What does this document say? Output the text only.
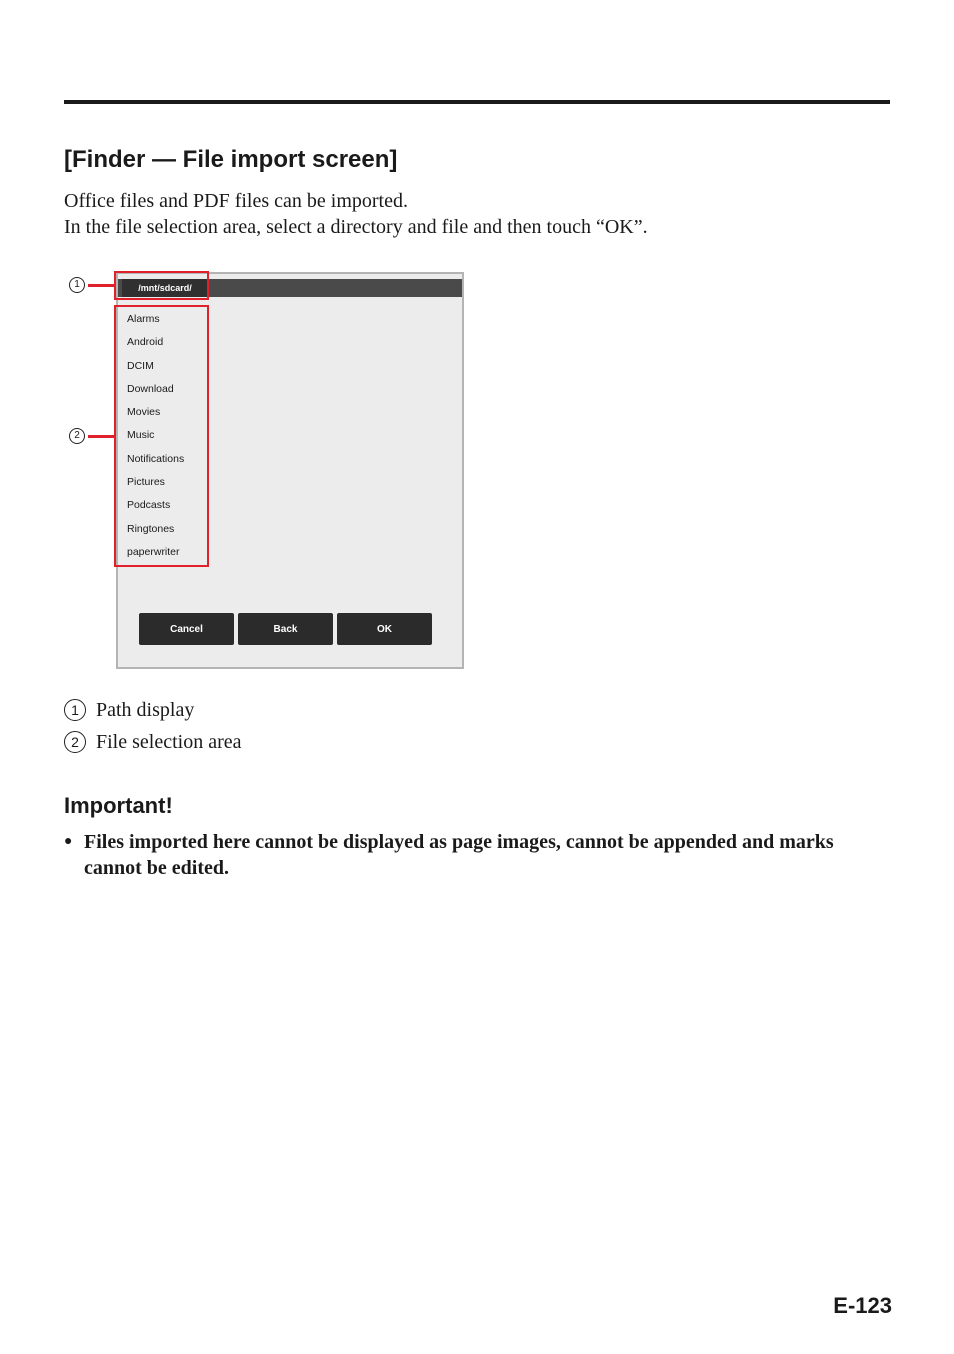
[Finder — File import screen]

Office files and PDF files can be imported.

In the file selection area, select a directory and file and then touch “OK”.

/mnt/sdcard/
Alarms
Android
DCIM
Download
Movies
Music
Notifications
Pictures
Podcasts
Ringtones
paperwriter
Cancel	Back	OK
1
2
1 Path display
2 File selection area
Important!
● Files imported here cannot be displayed as page images, cannot be appended and marks cannot be edited.
E-123
